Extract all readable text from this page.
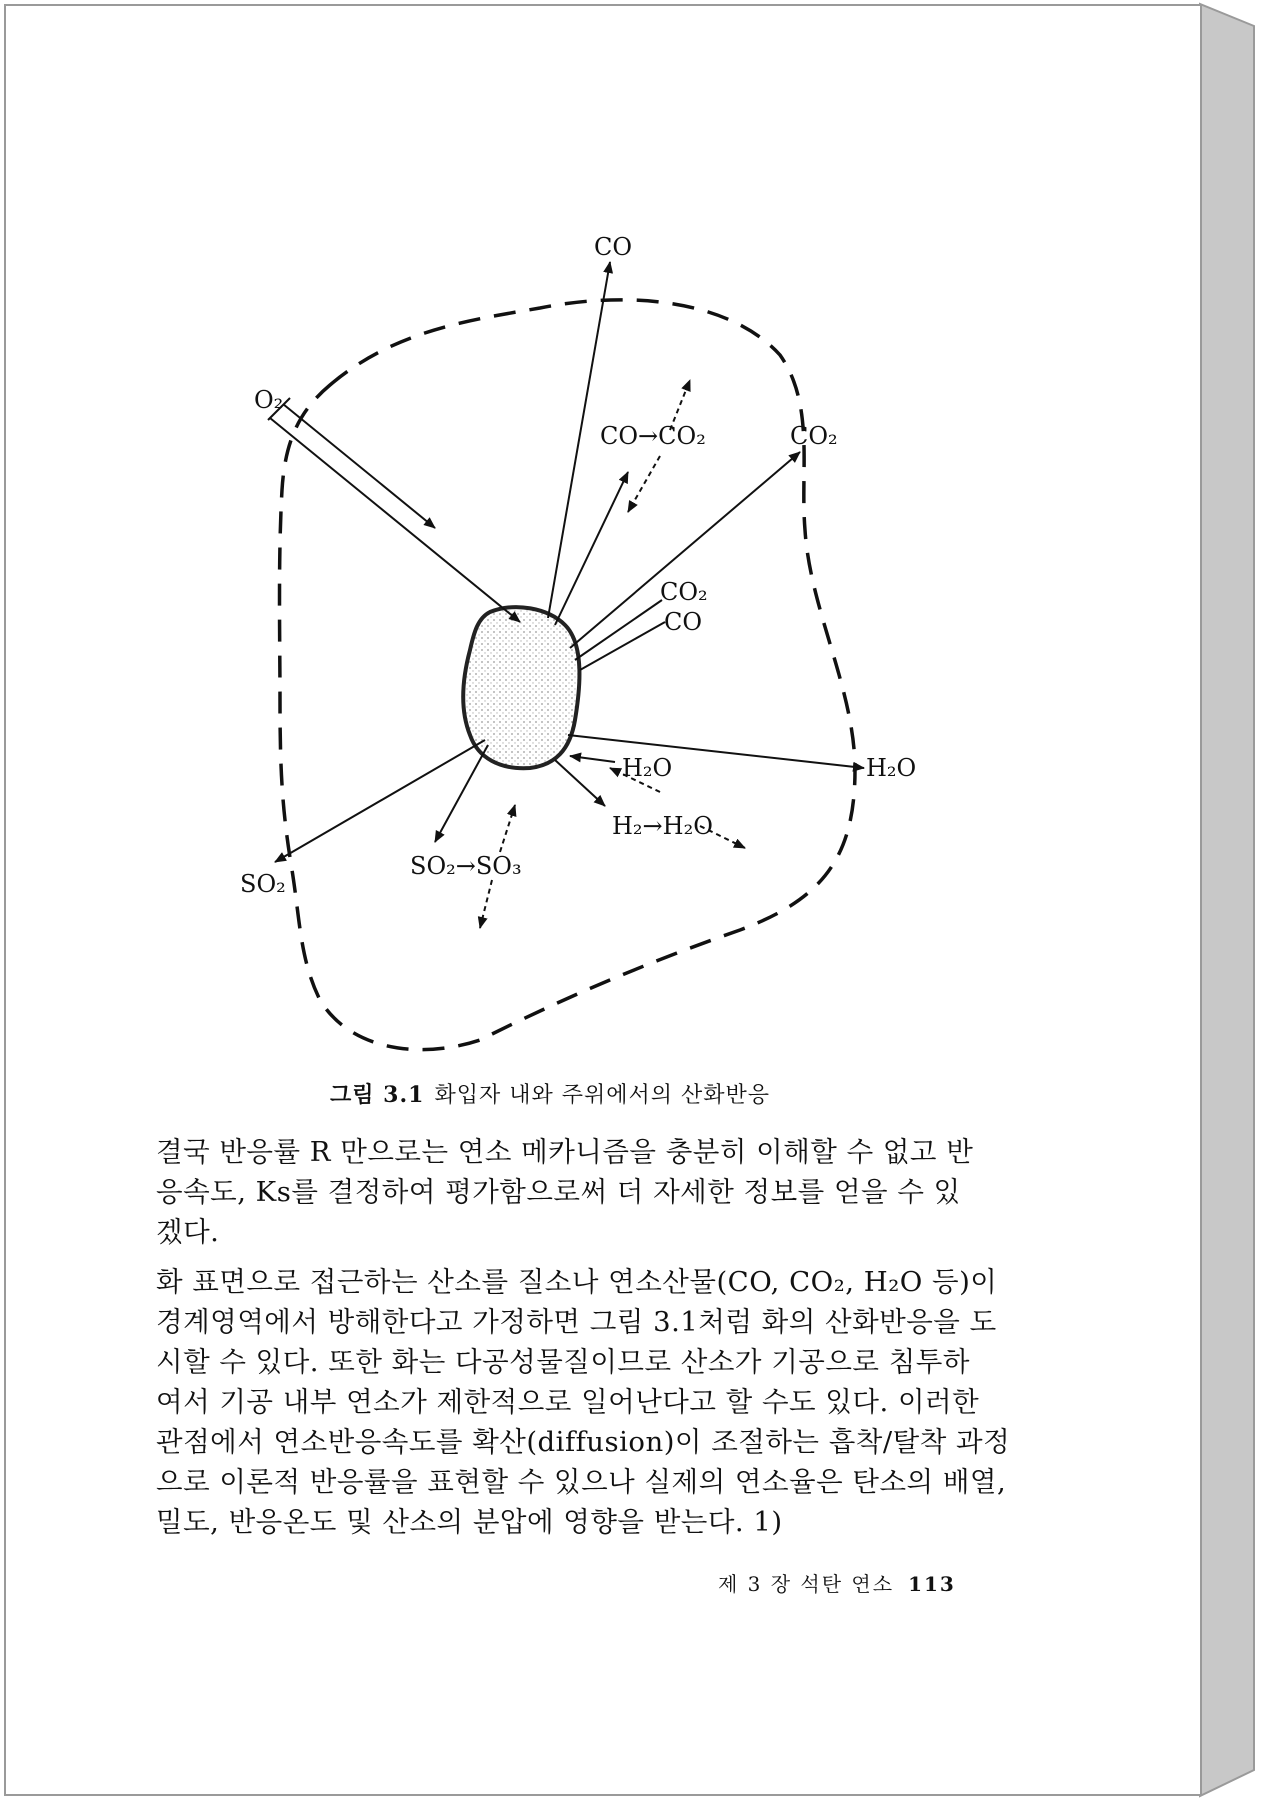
CO
O₂
CO→CO₂	CO₂
CO₂
CO
H₂O	H₂O
H₂→H₂O
SO₂
SO₂→SO₃
그림 3.1 화입자 내와 주위에서의 산화반응
결국 반응률 R 만으로는 연소 메카니즘을 충분히 이해할 수 없고 반
응속도, Ks를 결정하여 평가함으로써 더 자세한 정보를 얻을 수 있
겠다.
화 표면으로 접근하는 산소를 질소나 연소산물(CO, CO₂, H₂O 등)이
경계영역에서 방해한다고 가정하면 그림 3.1처럼 화의 산화반응을 도
시할 수 있다. 또한 화는 다공성물질이므로 산소가 기공으로 침투하
여서 기공 내부 연소가 제한적으로 일어난다고 할 수도 있다. 이러한
관점에서 연소반응속도를 확산(diffusion)이 조절하는 흡착/탈착 과정
으로 이론적 반응률을 표현할 수 있으나 실제의 연소율은 탄소의 배열,
밀도, 반응온도 및 산소의 분압에 영향을 받는다. 1)
제 3 장 석탄 연소 113
